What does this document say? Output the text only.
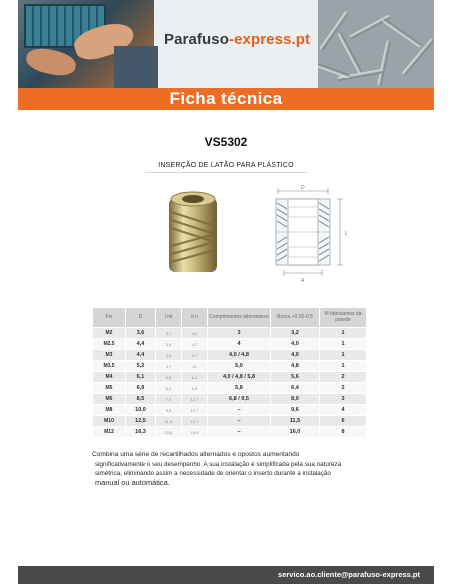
Parafuso-express.pt
Ficha técnica
VS5302
INSERÇÃO DE LATÃO PARA PLÁSTICO
D
L
A
Fio	D	l mi	d o	Comprimentos alternativos	Broca +0,05-0,5	M fabricamos da parede
M2	3,6	3,1	4,0	3	3,2	1
M2.5	4,4	3,9	4,7	4	4,0	1
M3	4,4	3,9	5,7	4,0 / 4,8	4,0	1
M3.5	5,2	4,7	11	5,0	4,8	1
M4	6,1	5,5	8,1	4,0 / 4,8 / 5,8	5,6	2
M5	6,9	6,3	9,5	5,8	6,4	2
M6	8,5	7,9	12,7	6,8 / 9,5	8,0	3
M8	10,0	9,5	12,7	–	9,6	4
M10	12,5	11,5	12,7	–	11,5	6
M12	16,3	15,8	15,9	–	16,0	8

Combina uma série de recartilhados alternados e opostos aumentando

significativamente o seu desempenho. A sua instalação é simplificada pela sua natureza

simétrica, eliminando assim a necessidade de orientar o inserto durante a instalação

manual ou automática.

servico.ao.cliente@parafuso-express.pt
